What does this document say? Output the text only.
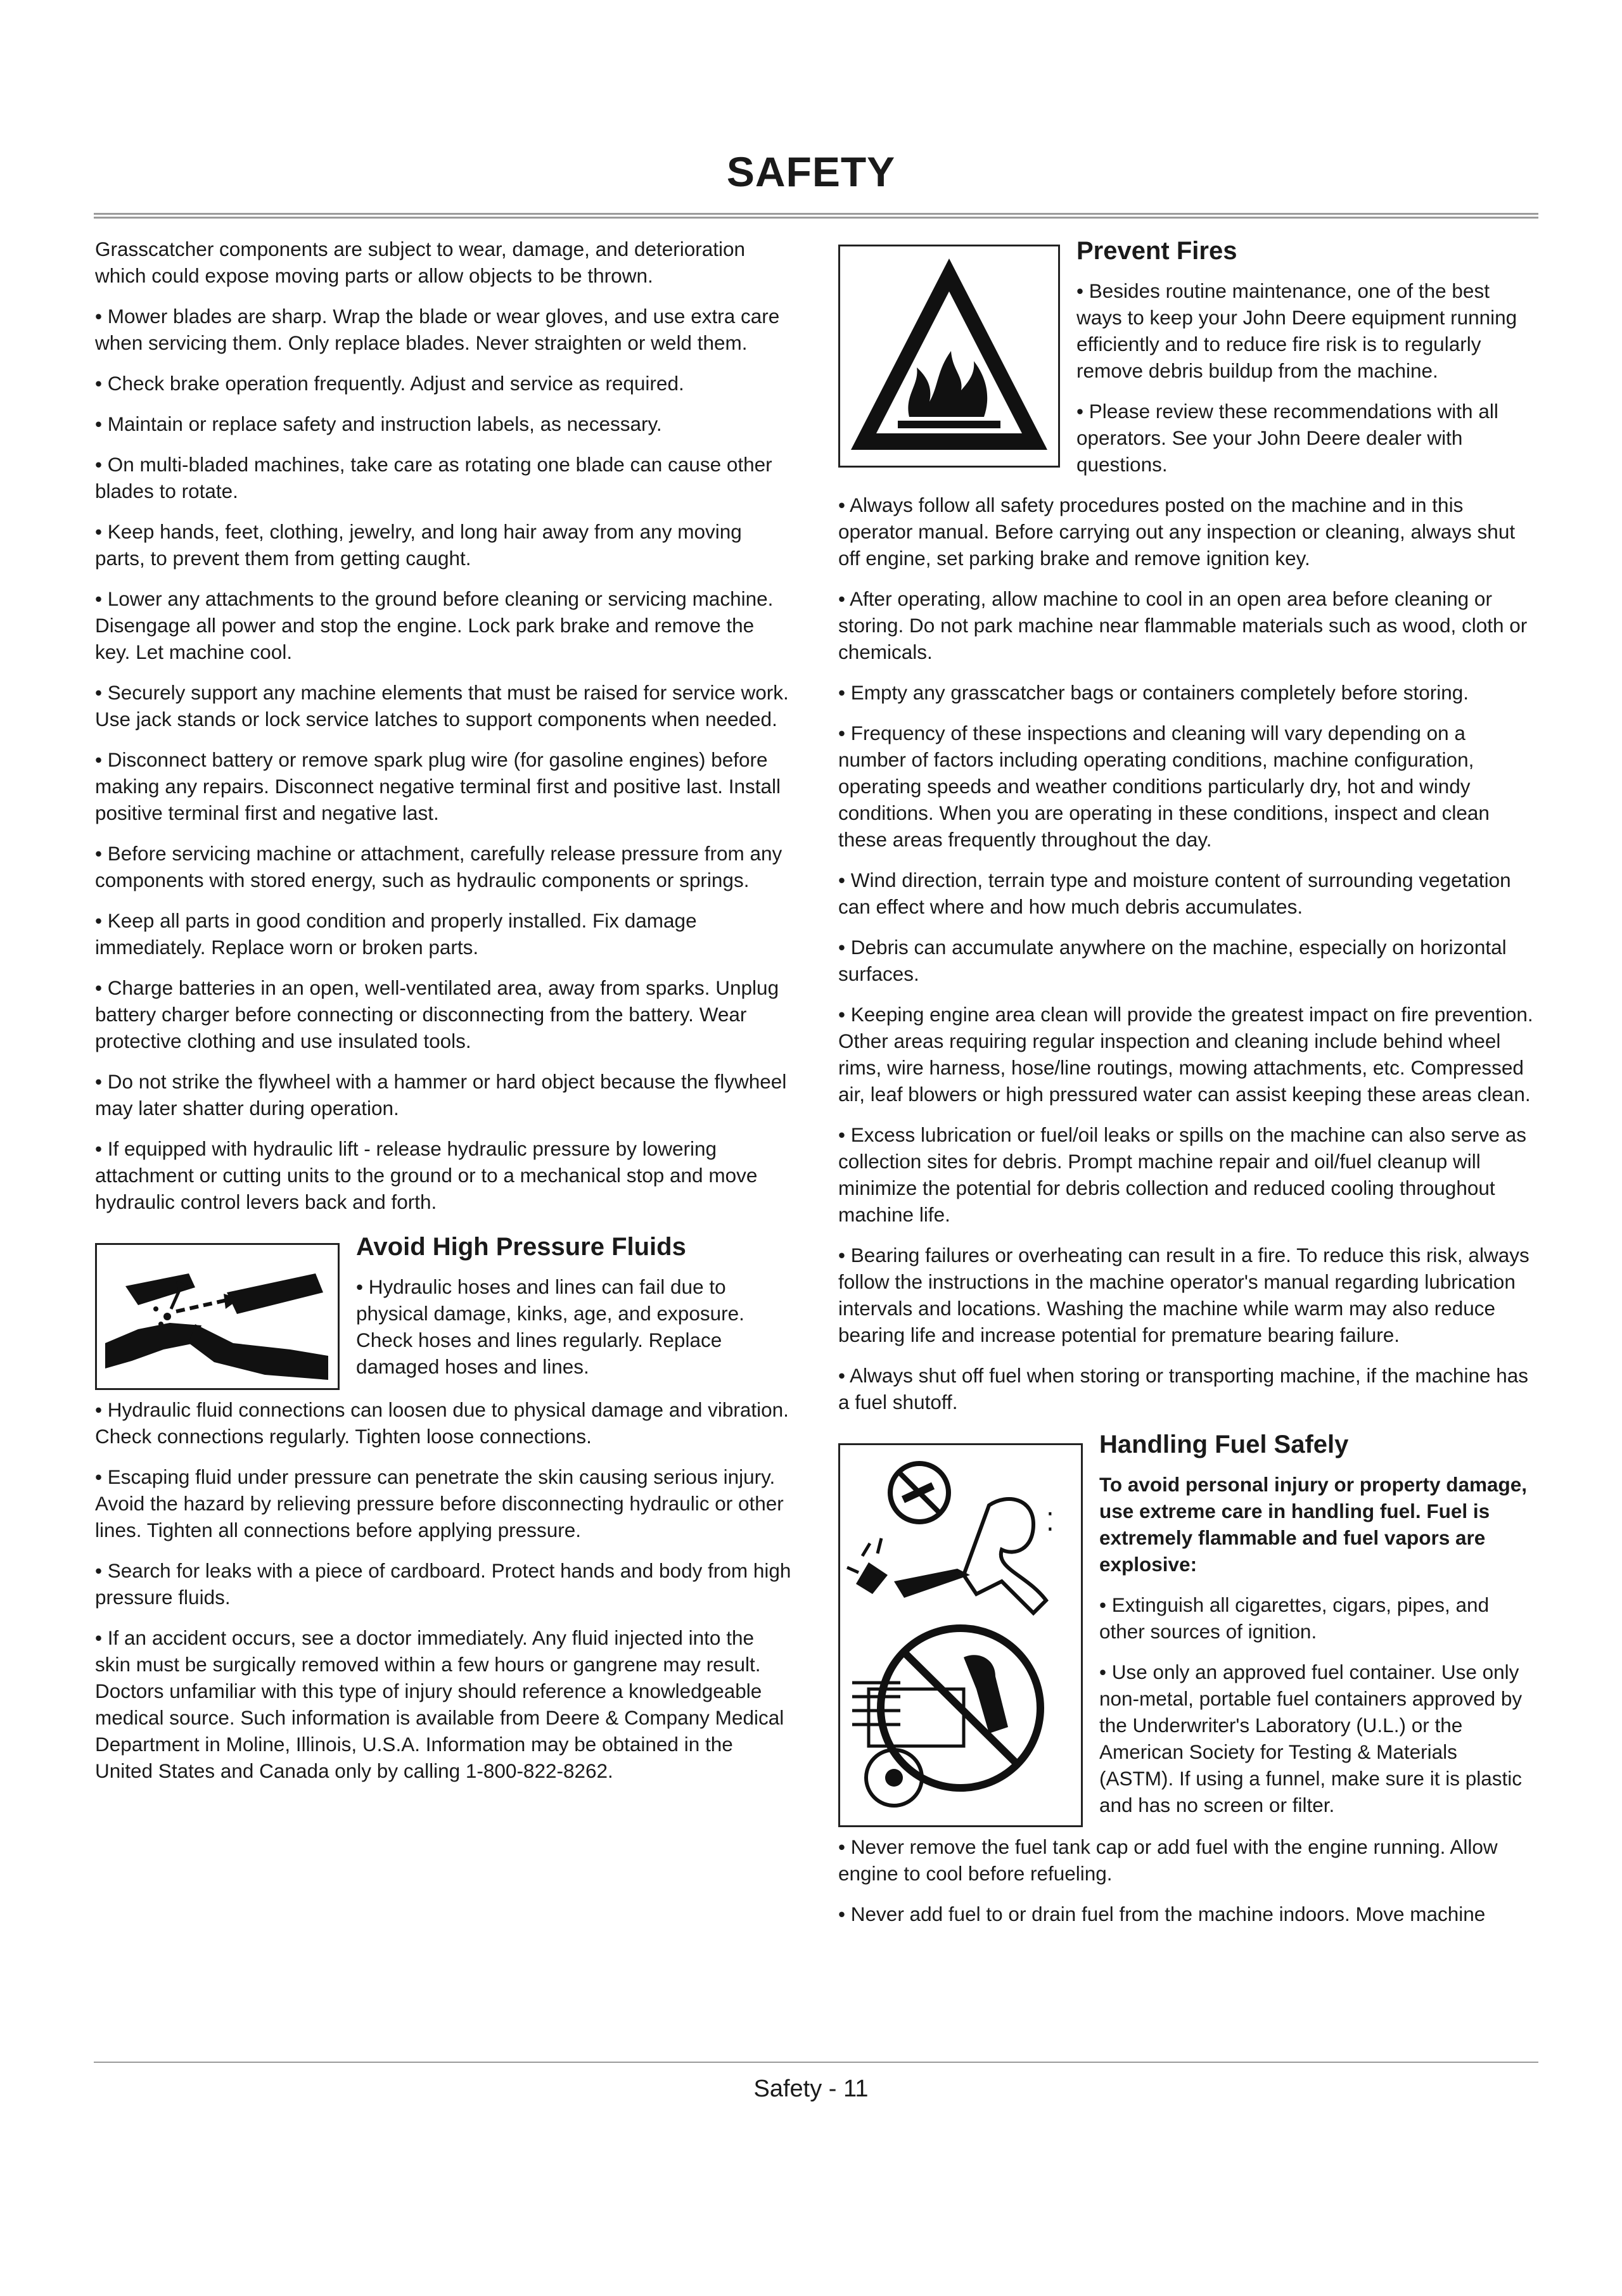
SAFETY

Grasscatcher components are subject to wear, damage, and deterioration which could expose moving parts or allow objects to be thrown.

• Mower blades are sharp. Wrap the blade or wear gloves, and use extra care when servicing them. Only replace blades. Never straighten or weld them.

• Check brake operation frequently. Adjust and service as required.

• Maintain or replace safety and instruction labels, as necessary.

• On multi-bladed machines, take care as rotating one blade can cause other blades to rotate.

• Keep hands, feet, clothing, jewelry, and long hair away from any moving parts, to prevent them from getting caught.

• Lower any attachments to the ground before cleaning or servicing machine. Disengage all power and stop the engine. Lock park brake and remove the key. Let machine cool.

• Securely support any machine elements that must be raised for service work. Use jack stands or lock service latches to support components when needed.

• Disconnect battery or remove spark plug wire (for gasoline engines) before making any repairs. Disconnect negative terminal first and positive last. Install positive terminal first and negative last.

• Before servicing machine or attachment, carefully release pressure from any components with stored energy, such as hydraulic components or springs.

• Keep all parts in good condition and properly installed. Fix damage immediately. Replace worn or broken parts.

• Charge batteries in an open, well-ventilated area, away from sparks. Unplug battery charger before connecting or disconnecting from the battery. Wear protective clothing and use insulated tools.

• Do not strike the flywheel with a hammer or hard object because the flywheel may later shatter during operation.

• If equipped with hydraulic lift - release hydraulic pressure by lowering attachment or cutting units to the ground or to a mechanical stop and move hydraulic control levers back and forth.

Avoid High Pressure Fluids

• Hydraulic hoses and lines can fail due to physical damage, kinks, age, and exposure. Check hoses and lines regularly. Replace damaged hoses and lines.

• Hydraulic fluid connections can loosen due to physical damage and vibration. Check connections regularly. Tighten loose connections.

• Escaping fluid under pressure can penetrate the skin causing serious injury. Avoid the hazard by relieving pressure before disconnecting hydraulic or other lines. Tighten all connections before applying pressure.

• Search for leaks with a piece of cardboard. Protect hands and body from high pressure fluids.

• If an accident occurs, see a doctor immediately. Any fluid injected into the skin must be surgically removed within a few hours or gangrene may result. Doctors unfamiliar with this type of injury should reference a knowledgeable medical source. Such information is available from Deere & Company Medical Department in Moline, Illinois, U.S.A. Information may be obtained in the United States and Canada only by calling 1-800-822-8262.

Prevent Fires

• Besides routine maintenance, one of the best ways to keep your John Deere equipment running efficiently and to reduce fire risk is to regularly remove debris buildup from the machine.

• Please review these recommendations with all operators. See your John Deere dealer with questions.

• Always follow all safety procedures posted on the machine and in this operator manual. Before carrying out any inspection or cleaning, always shut off engine, set parking brake and remove ignition key.

• After operating, allow machine to cool in an open area before cleaning or storing. Do not park machine near flammable materials such as wood, cloth or chemicals.

• Empty any grasscatcher bags or containers completely before storing.

• Frequency of these inspections and cleaning will vary depending on a number of factors including operating conditions, machine configuration, operating speeds and weather conditions particularly dry, hot and windy conditions. When you are operating in these conditions, inspect and clean these areas frequently throughout the day.

• Wind direction, terrain type and moisture content of surrounding vegetation can effect where and how much debris accumulates.

• Debris can accumulate anywhere on the machine, especially on horizontal surfaces.

• Keeping engine area clean will provide the greatest impact on fire prevention. Other areas requiring regular inspection and cleaning include behind wheel rims, wire harness, hose/line routings, mowing attachments, etc. Compressed air, leaf blowers or high pressured water can assist keeping these areas clean.

• Excess lubrication or fuel/oil leaks or spills on the machine can also serve as collection sites for debris. Prompt machine repair and oil/fuel cleanup will minimize the potential for debris collection and reduced cooling throughout machine life.

• Bearing failures or overheating can result in a fire. To reduce this risk, always follow the instructions in the machine operator's manual regarding lubrication intervals and locations. Washing the machine while warm may also reduce bearing life and increase potential for premature bearing failure.

• Always shut off fuel when storing or transporting machine, if the machine has a fuel shutoff.

⁚
Handling Fuel Safely

To avoid personal injury or property damage, use extreme care in handling fuel. Fuel is extremely flammable and fuel vapors are explosive:

• Extinguish all cigarettes, cigars, pipes, and other sources of ignition.

• Use only an approved fuel container. Use only non-metal, portable fuel containers approved by the Underwriter's Laboratory (U.L.) or the American Society for Testing & Materials (ASTM). If using a funnel, make sure it is plastic and has no screen or filter.

• Never remove the fuel tank cap or add fuel with the engine running. Allow engine to cool before refueling.

• Never add fuel to or drain fuel from the machine indoors. Move machine

Safety - 11
